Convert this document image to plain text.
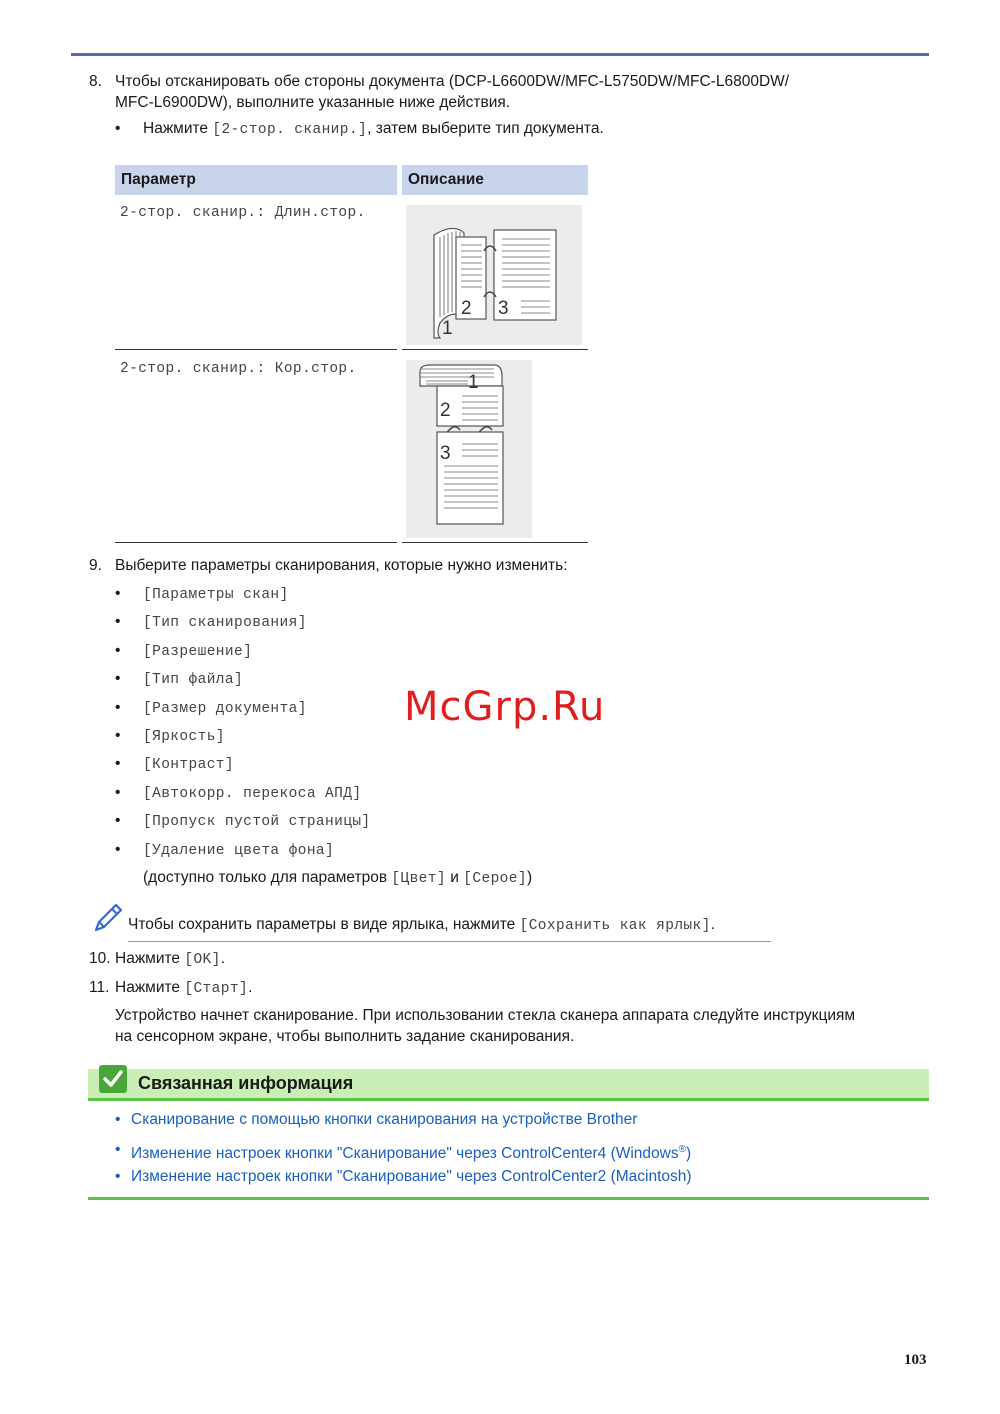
8. Чтобы отсканировать обе стороны документа (DCP-L6600DW/MFC-L5750DW/MFC-L6800DW/
MFC-L6900DW), выполните указанные ниже действия.
• Нажмите [2-стор. сканир.], затем выберите тип документа.
Параметр	Описание
2-стор. сканир.: Длин.стор.
1
2 3
2-стор. сканир.: Кор.стор.
1
2
3
9. Выберите параметры сканирования, которые нужно изменить:
• [Параметры скан]
• [Тип сканирования]
• [Разрешение]
• [Тип файла]
• [Размер документа]
• [Яркость]
• [Контраст]
• [Автокорр. перекоса АПД]
• [Пропуск пустой страницы]
• [Удаление цвета фона]
(доступно только для параметров [Цвет] и [Серое])
McGrp.Ru
Чтобы сохранить параметры в виде ярлыка, нажмите [Сохранить как ярлык].
10. Нажмите [OK].
11. Нажмите [Старт].
Устройство начнет сканирование. При использовании стекла сканера аппарата следуйте инструкциям
на сенсорном экране, чтобы выполнить задание сканирования.
Связанная информация
• Сканирование с помощью кнопки сканирования на устройстве Brother
• Изменение настроек кнопки "Сканирование" через ControlCenter4 (Windows®)
• Изменение настроек кнопки "Сканирование" через ControlCenter2 (Macintosh)
103
